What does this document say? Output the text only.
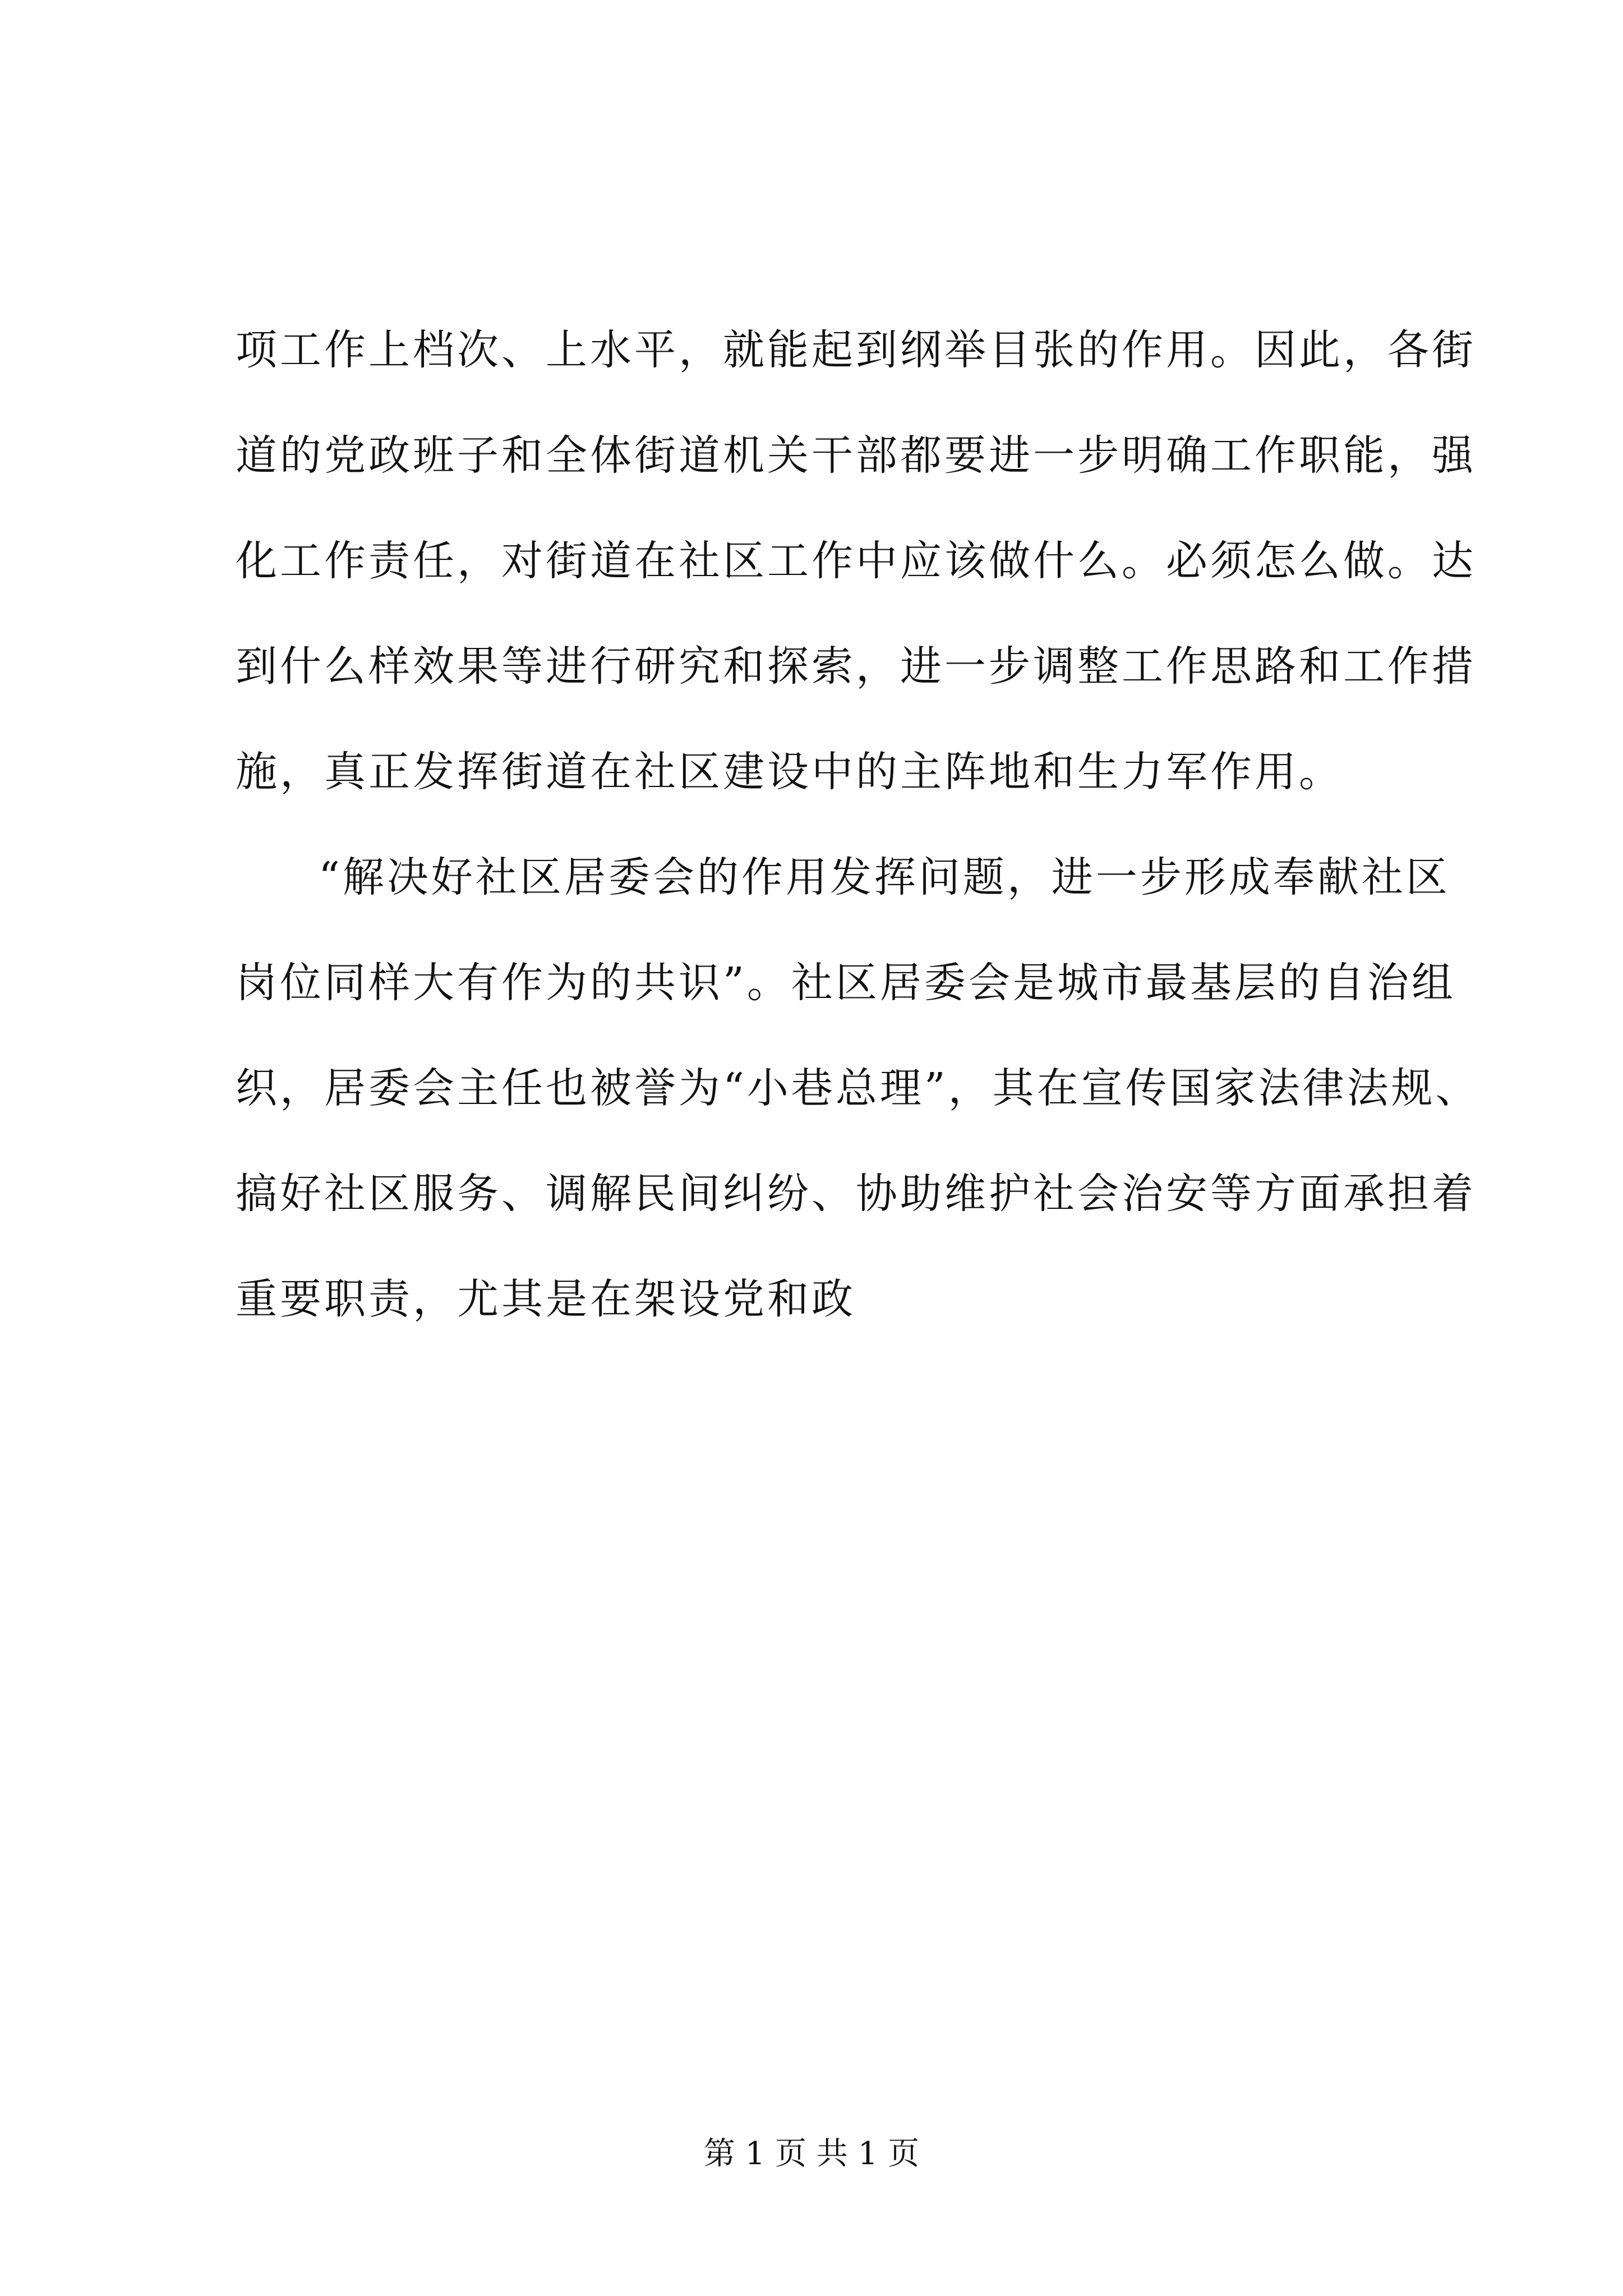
项工作上档次、上水平，就能起到纲举目张的作用。因此，各街
道的党政班子和全体街道机关干部都要进一步明确工作职能，强
化工作责任，对街道在社区工作中应该做什么。必须怎么做。达
到什么样效果等进行研究和探索，进一步调整工作思路和工作措
施，真正发挥街道在社区建设中的主阵地和生力军作用。
“解决好社区居委会的作用发挥问题，进一步形成奉献社区
岗位同样大有作为的共识”。社区居委会是城市最基层的自治组
织，居委会主任也被誉为“小巷总理”，其在宣传国家法律法规、
搞好社区服务、调解民间纠纷、协助维护社会治安等方面承担着
重要职责，尤其是在架设党和政
第 1 页 共 1 页
